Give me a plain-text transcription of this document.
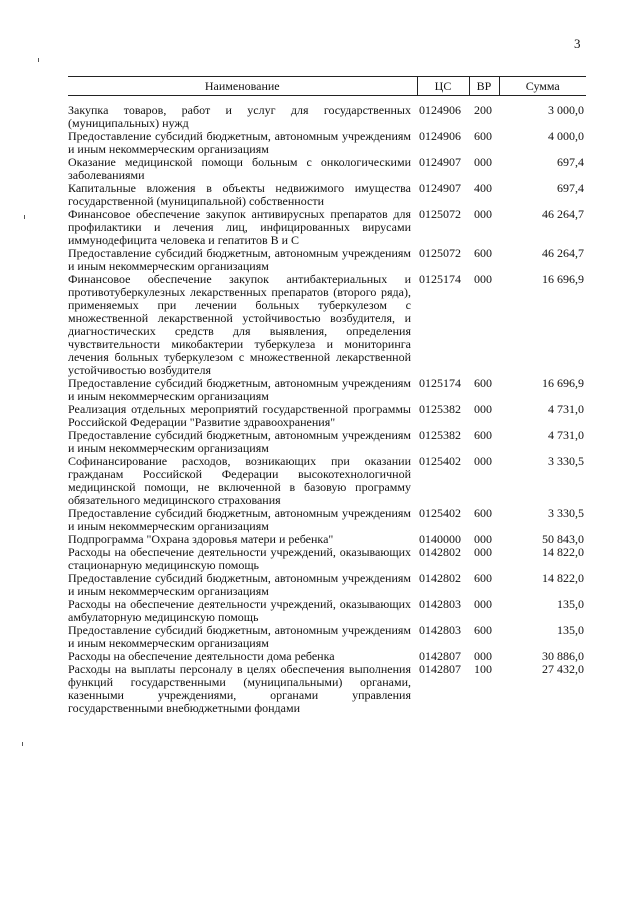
3
Наименование	ЦС	ВР	Сумма
Закупка товаров, работ и услуг для государственных (муниципальных) нужд	0124906	200	3 000,0
Предоставление субсидий бюджетным, автономным учреждениям и иным некоммерческим организациям	0124906	600	4 000,0
Оказание медицинской помощи больным с онкологическими заболеваниями	0124907	000	697,4
Капитальные вложения в объекты недвижимого имущества государственной (муниципальной) собственности	0124907	400	697,4
Финансовое обеспечение закупок антивирусных препаратов для профилактики и лечения лиц, инфицированных вирусами иммунодефицита человека и гепатитов В и С	0125072	000	46 264,7
Предоставление субсидий бюджетным, автономным учреждениям и иным некоммерческим организациям	0125072	600	46 264,7
Финансовое обеспечение закупок антибактериальных и противотуберкулезных лекарственных препаратов (второго ряда), применяемых при лечении больных туберкулезом с множественной лекарственной устойчивостью возбудителя, и диагностических средств для выявления, определения чувствительности микобактерии туберкулеза и мониторинга лечения больных туберкулезом с множественной лекарственной устойчивостью возбудителя	0125174	000	16 696,9
Предоставление субсидий бюджетным, автономным учреждениям и иным некоммерческим организациям	0125174	600	16 696,9
Реализация отдельных мероприятий государственной программы Российской Федерации "Развитие здравоохранения"	0125382	000	4 731,0
Предоставление субсидий бюджетным, автономным учреждениям и иным некоммерческим организациям	0125382	600	4 731,0
Софинансирование расходов, возникающих при оказании гражданам Российской Федерации высокотехнологичной медицинской помощи, не включенной в базовую программу обязательного медицинского страхования	0125402	000	3 330,5
Предоставление субсидий бюджетным, автономным учреждениям и иным некоммерческим организациям	0125402	600	3 330,5
Подпрограмма "Охрана здоровья матери и ребенка"	0140000	000	50 843,0
Расходы на обеспечение деятельности учреждений, оказывающих стационарную медицинскую помощь	0142802	000	14 822,0
Предоставление субсидий бюджетным, автономным учреждениям и иным некоммерческим организациям	0142802	600	14 822,0
Расходы на обеспечение деятельности учреждений, оказывающих амбулаторную медицинскую помощь	0142803	000	135,0
Предоставление субсидий бюджетным, автономным учреждениям и иным некоммерческим организациям	0142803	600	135,0
Расходы на обеспечение деятельности дома ребенка	0142807	000	30 886,0
Расходы на выплаты персоналу в целях обеспечения выполнения функций государственными (муниципальными) органами, казенными учреждениями, органами управления государственными внебюджетными фондами	0142807	100	27 432,0
